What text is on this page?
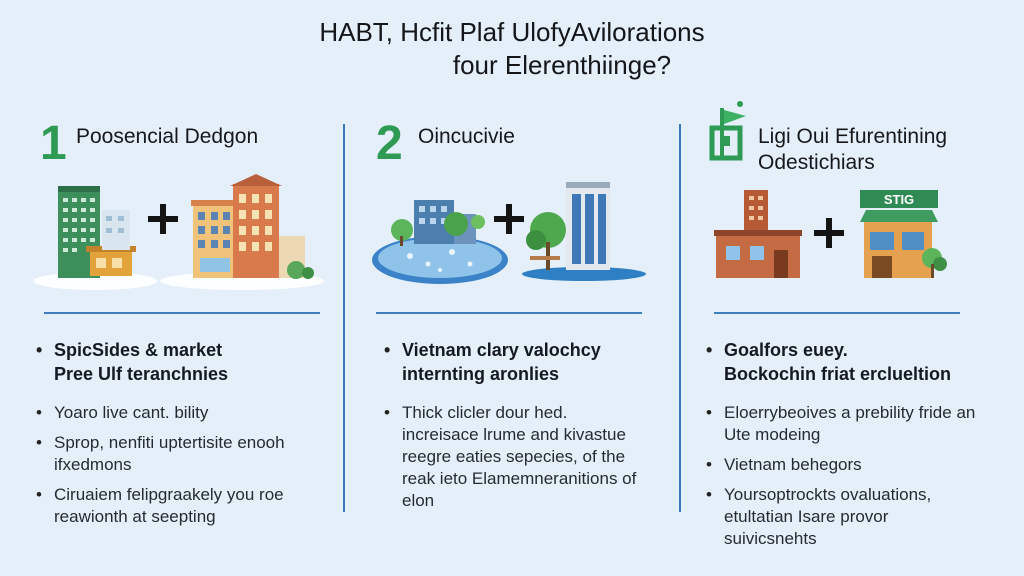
HABT, Hcfit Plaf UlofyAvilorations
four Elerenthiinge?
1 Poosencial Dedgon
• SpicSides & market
Pree Ulf teranchnies
• Yoaro live cant. bility
• Sprop, nenfiti uptertisite enooh ifxedmons
• Ciruaiem felipgraakely you roe reawionth at seepting
2 Oincucivie
• Vietnam clary valochcy
internting aronlies
• Thick clicler dour hed. increisace lrume and kivastue reegre eaties sepecies, of the reak ieto Elamemneranitions of elon
Ligi Oui Efurentining
Odestichiars
STIG
• Goalfors euey.
Bockochin friat erclueltion
• Eloerrybeoives a prebility fride an Ute modeing
• Vietnam behegors
• Yoursoptrockts ovaluations, etultatian Isare provor suivicsnehts
